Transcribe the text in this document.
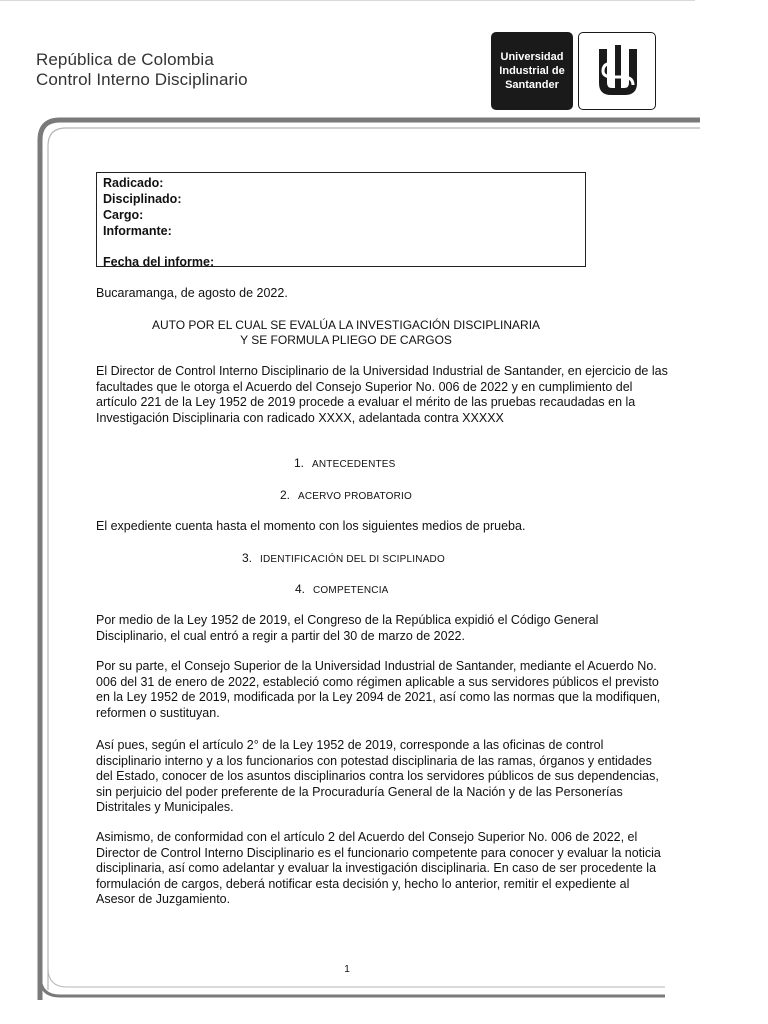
República de Colombia
Control Interno Disciplinario
Universidad
Industrial de
Santander
Radicado:
Disciplinado:
Cargo:
Informante:
Fecha del informe:
Bucaramanga, de agosto de 2022.
AUTO POR EL CUAL SE EVALÚA LA INVESTIGACIÓN DISCIPLINARIA
Y SE FORMULA PLIEGO DE CARGOS
El Director de Control Interno Disciplinario de la Universidad Industrial de Santander, en ejercicio de las facultades que le otorga el Acuerdo del Consejo Superior No. 006 de 2022 y en cumplimiento del artículo 221 de la Ley 1952 de 2019 procede a evaluar el mérito de las pruebas recaudadas en la Investigación Disciplinaria con radicado XXXX, adelantada contra XXXXX
1. ANTECEDENTES
2. ACERVO PROBATORIO
El expediente cuenta hasta el momento con los siguientes medios de prueba.
3. IDENTIFICACIÓN DEL DI SCIPLINADO
4. COMPETENCIA
Por medio de la Ley 1952 de 2019, el Congreso de la República expidió el Código General Disciplinario, el cual entró a regir a partir del 30 de marzo de 2022.
Por su parte, el Consejo Superior de la Universidad Industrial de Santander, mediante el Acuerdo No. 006 del 31 de enero de 2022, estableció como régimen aplicable a sus servidores públicos el previsto en la Ley 1952 de 2019, modificada por la Ley 2094 de 2021, así como las normas que la modifiquen, reformen o sustituyan.
Así pues, según el artículo 2° de la Ley 1952 de 2019, corresponde a las oficinas de control disciplinario interno y a los funcionarios con potestad disciplinaria de las ramas, órganos y entidades del Estado, conocer de los asuntos disciplinarios contra los servidores públicos de sus dependencias, sin perjuicio del poder preferente de la Procuraduría General de la Nación y de las Personerías Distritales y Municipales.
Asimismo, de conformidad con el artículo 2 del Acuerdo del Consejo Superior No. 006 de 2022, el Director de Control Interno Disciplinario es el funcionario competente para conocer y evaluar la noticia disciplinaria, así como adelantar y evaluar la investigación disciplinaria. En caso de ser procedente la formulación de cargos, deberá notificar esta decisión y, hecho lo anterior, remitir el expediente al Asesor de Juzgamiento.
1
